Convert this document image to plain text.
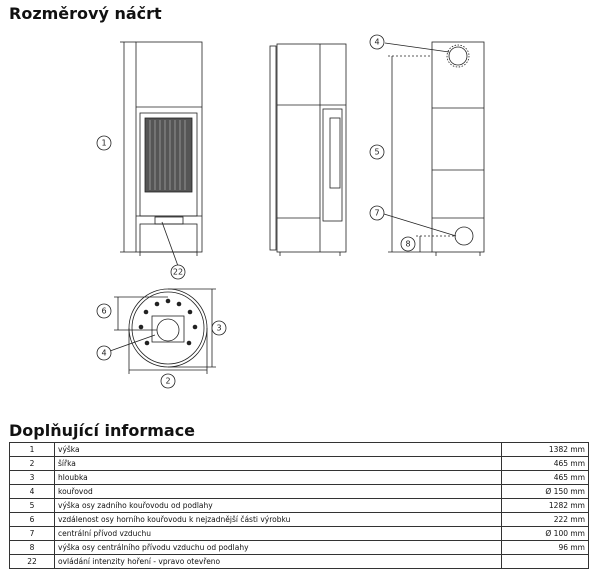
Rozměrový náčrt
1
22
2
3
4
6
4
5
7
8
Doplňující informace
1	výška	1382 mm
2	šířka	465 mm
3	hloubka	465 mm
4	kouřovod	Ø 150 mm
5	výška osy zadního kouřovodu od podlahy	1282 mm
6	vzdálenost osy horního kouřovodu k nejzadnější části výrobku	222 mm
7	centrální přívod vzduchu	Ø 100 mm
8	výška osy centrálního přívodu vzduchu od podlahy	96 mm
22	ovládání intenzity hoření - vpravo otevřeno	
